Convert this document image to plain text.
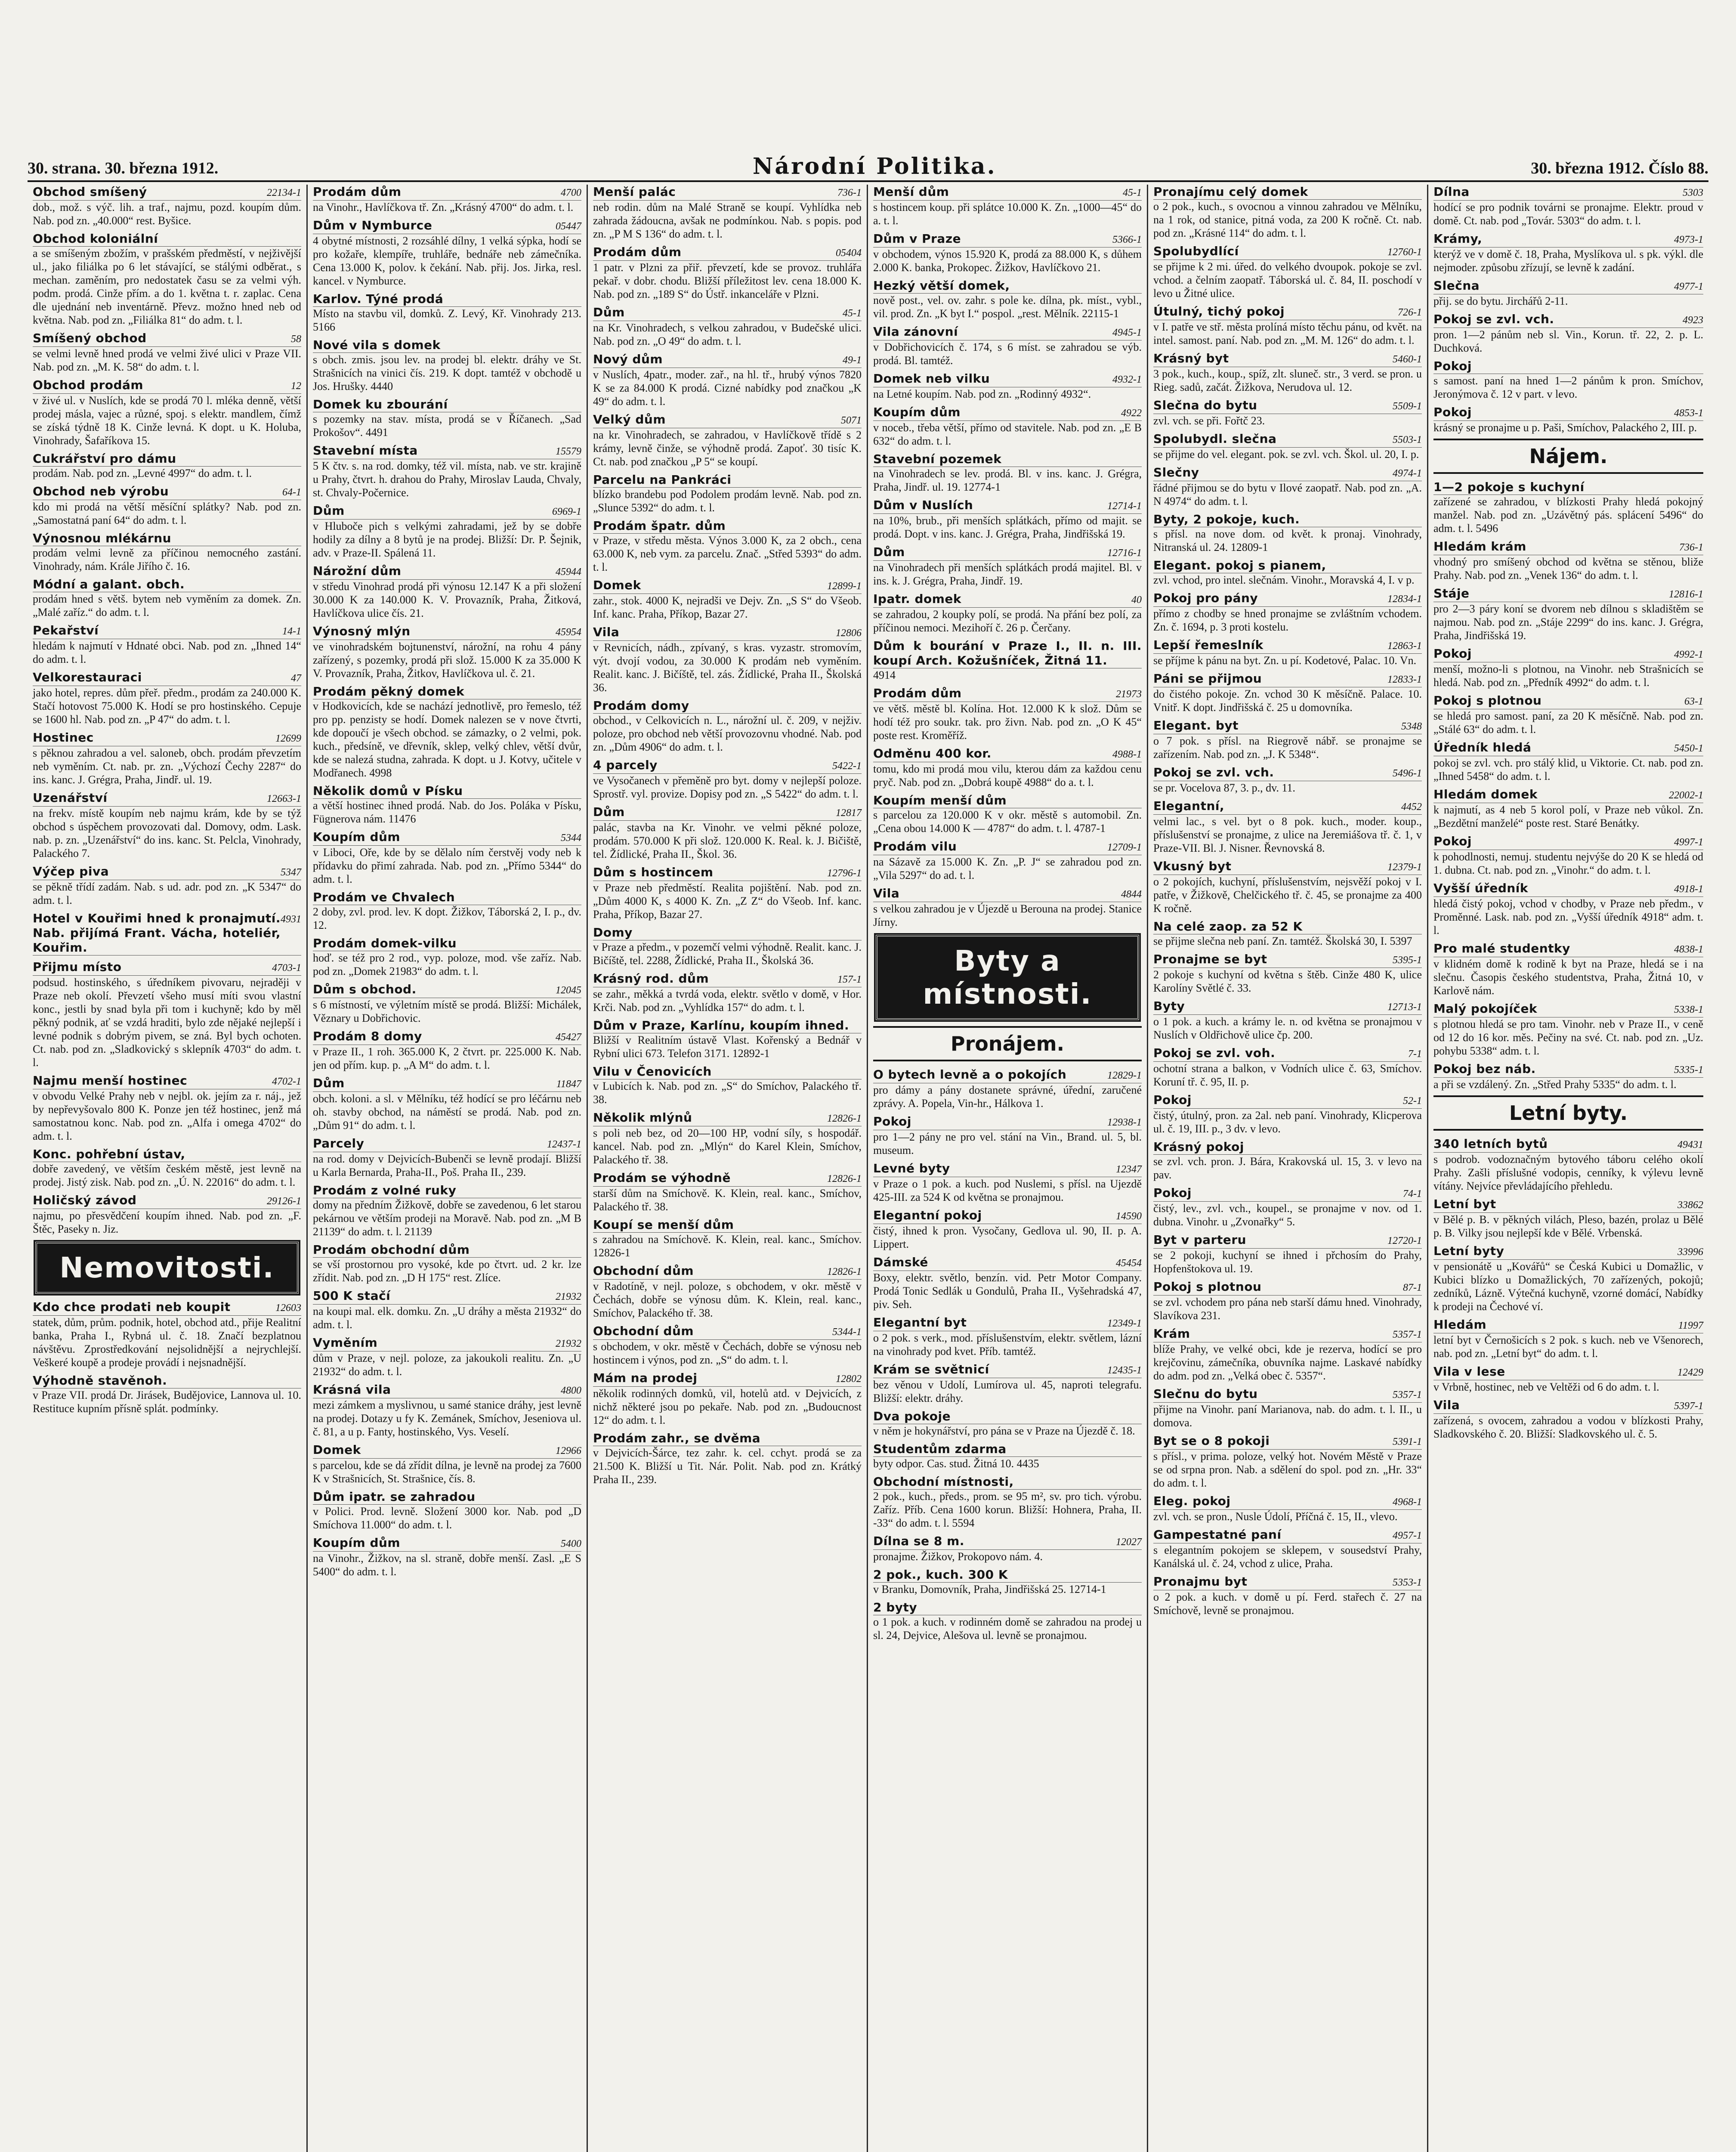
30. strana. 30. března 1912.	Národní Politika.	30. března 1912. Číslo 88.
Obchod smíšený	22134-1
dob., mož. s výč. lih. a traf., najmu, pozd. koupím dům. Nab. pod zn. „40.000“ rest. Byšice.
Obchod koloniální
a se smíšeným zbožím, v prašském předměstí, v nejživější ul., jako filiálka po 6 let stávající, se stálými odběrat., s mechan. zaměním, pro nedostatek času se za velmi výh. podm. prodá. Cinže přím. a do 1. května t. r. zaplac. Cena dle ujednání neb inventárně. Převz. možno hned neb od května. Nab. pod zn. „Filiálka 81“ do adm. t. l.
Smíšený obchod	58
se velmi levně hned prodá ve velmi živé ulici v Praze VII. Nab. pod zn. „M. K. 58“ do adm. t. l.
Obchod prodám	12
v živé ul. v Nuslích, kde se prodá 70 l. mléka denně, větší prodej másla, vajec a různé, spoj. s elektr. mandlem, čímž se získá týdně 18 K. Cinže levná. K dopt. u K. Holuba, Vinohrady, Šafaříkova 15.
Cukrářství pro dámu
prodám. Nab. pod zn. „Levné 4997“ do adm. t. l.
Obchod neb výrobu	64-1
kdo mi prodá na větší měsíční splátky? Nab. pod zn. „Samostatná paní 64“ do adm. t. l.
Výnosnou mlékárnu
prodám velmi levně za příčinou nemocného zastání. Vinohrady, nám. Krále Jiřího č. 16.
Módní a galant. obch.
prodám hned s větš. bytem neb vyměním za domek. Zn. „Malé zaříz.“ do adm. t. l.
Pekařství	14-1
hledám k najmutí v Hdnaté obci. Nab. pod zn. „Ihned 14“ do adm. t. l.
Velkorestauraci	47
jako hotel, repres. dům přeř. předm., prodám za 240.000 K. Stačí hotovost 75.000 K. Hodí se pro hostinského. Cepuje se 1600 hl. Nab. pod zn. „P 47“ do adm. t. l.
Hostinec	12699
s pěknou zahradou a vel. saloneb, obch. prodám převzetím neb vyměním. Ct. nab. pr. zn. „Výchozí Čechy 2287“ do ins. kanc. J. Grégra, Praha, Jindř. ul. 19.
Uzenářství	12663-1
na frekv. místě koupím neb najmu krám, kde by se týž obchod s úspěchem provozovati dal. Domovy, odm. Lask. nab. p. zn. „Uzenářství“ do ins. kanc. St. Pelcla, Vinohrady, Palackého 7.
Výčep piva	5347
se pěkně třídí zadám. Nab. s ud. adr. pod zn. „K 5347“ do adm. t. l.
Hotel v Kouřimi hned k pronajmutí. Nab. přijímá Frant. Vácha, hoteliér, Kouřim.
4931
Přijmu místo	4703-1
podsud. hostinského, s úředníkem pivovaru, nejraději v Praze neb okolí. Převzetí všeho musí míti svou vlastní konc., jestli by snad byla při tom i kuchyně; kdo by měl pěkný podnik, ať se vzdá hraditi, bylo zde nějaké nejlepší i levné podnik s dobrým pivem, se zná. Byl bych ochoten. Ct. nab. pod zn. „Sladkovický s sklepník 4703“ do adm. t. l.
Najmu menší hostinec	4702-1
v obvodu Velké Prahy neb v nejbl. ok. jejím za r. náj., jež by nepřevyšovalo 800 K. Ponze jen též hostinec, jenž má samostatnou konc. Nab. pod zn. „Alfa i omega 4702“ do adm. t. l.
Konc. pohřební ústav,
dobře zavedený, ve větším českém městě, jest levně na prodej. Jistý zisk. Nab. pod zn. „Ú. N. 22016“ do adm. t. l.
Holičský závod	29126-1
najmu, po přesvědčení koupím ihned. Nab. pod zn. „F. Štěc, Paseky n. Jiz.
Nemovitosti.
Kdo chce prodati neb koupit	12603
statek, dům, prům. podnik, hotel, obchod atd., přije Realitní banka, Praha I., Rybná ul. č. 18. Značí bezplatnou návštěvu. Zprostředkování nejsolidnější a nejrychlejší. Veškeré koupě a prodeje provádí i nejsnadnější.
Výhodně stavěnoh.
v Praze VII. prodá Dr. Jirásek, Budějovice, Lannova ul. 10. Restituce kupním přísně splát. podmínky.
Prodám dům	4700
na Vinohr., Havlíčkova tř. Zn. „Krásný 4700“ do adm. t. l.
Dům v Nymburce	05447
4 obytné místnosti, 2 rozsáhlé dílny, 1 velká sýpka, hodí se pro kožaře, klempíře, truhláře, bednáře neb zámečníka. Cena 13.000 K, polov. k čekání. Nab. přij. Jos. Jirka, resl. kancel. v Nymburce.
Karlov. Týné prodá
Místo na stavbu vil, domků. Z. Levý, Kř. Vinohrady 213. 5166
Nové vila s domek
s obch. zmis. jsou lev. na prodej bl. elektr. dráhy ve St. Strašnicích na vinici čís. 219. K dopt. tamtéž v obchodě u Jos. Hrušky. 4440
Domek ku zbourání
s pozemky na stav. místa, prodá se v Říčanech. „Sad Prokošov“. 4491
Stavební místa	15579
5 K čtv. s. na rod. domky, též vil. místa, nab. ve str. krajině u Prahy, čtvrt. h. drahou do Prahy, Miroslav Lauda, Chvaly, st. Chvaly-Počernice.
Dům	6969-1
v Hluboče pich s velkými zahradami, jež by se dobře hodily za dílny a 8 bytů je na prodej. Bližší: Dr. P. Šejnik, adv. v Praze-II. Spálená 11.
Nárožní dům	45944
v středu Vinohrad prodá při výnosu 12.147 K a při složení 30.000 K za 140.000 K. V. Provazník, Praha, Žitková, Havlíčkova ulice čís. 21.
Výnosný mlýn	45954
ve vinohradském bojtunenství, nárožní, na rohu 4 pány zařízený, s pozemky, prodá při slož. 15.000 K za 35.000 K V. Provazník, Praha, Žitkov, Havlíčkova ul. č. 21.
Prodám pěkný domek
v Hodkovicích, kde se nachází jednotlivě, pro řemeslo, též pro pp. penzisty se hodí. Domek nalezen se v nove čtvrti, kde dopoučí je všech obchod. se zámazky, o 2 velmi, pok. kuch., předsíně, ve dřevník, sklep, velký chlev, větší dvůr, kde se nalezá studna, zahrada. K dopt. u J. Kotvy, učitele v Modřanech. 4998
Několik domů v Písku
a větší hostinec ihned prodá. Nab. do Jos. Poláka v Písku, Fügnerova nám. 11476
Koupím dům	5344
v Liboci, Oře, kde by se dělalo ním čerstvěj vody neb k přídavku do přimí zahrada. Nab. pod zn. „Přímo 5344“ do adm. t. l.
Prodám ve Chvalech
2 doby, zvl. prod. lev. K dopt. Žižkov, Táborská 2, I. p., dv. 12.
Prodám domek-vilku
hoď. se též pro 2 rod., vyp. poloze, mod. vše zaříz. Nab. pod zn. „Domek 21983“ do adm. t. l.
Dům s obchod.	12045
s 6 místností, ve výletním místě se prodá. Bližší: Michálek, Věznary u Dobřichovic.
Prodám 8 domy	45427
v Praze II., 1 roh. 365.000 K, 2 čtvrt. pr. 225.000 K. Nab. jen od přím. kup. p. „A M“ do adm. t. l.
Dům	11847
obch. koloni. a sl. v Mělníku, též hodící se pro léčárnu neb oh. stavby obchod, na náměstí se prodá. Nab. pod zn. „Dům 91“ do adm. t. l.
Parcely	12437-1
na rod. domy v Dejvicích-Bubenči se levně prodají. Bližší u Karla Bernarda, Praha-II., Poš. Praha II., 239.
Prodám z volné ruky
domy na předním Žižkově, dobře se zavedenou, 6 let starou pekárnou ve větším prodeji na Moravě. Nab. pod zn. „M B 21139“ do adm. t. l. 21139
Prodám obchodní dům
se vší prostornou pro vysoké, kde po čtvrt. ud. 2 kr. lze zřídit. Nab. pod zn. „D H 175“ rest. Zlíce.
500 K stačí	21932
na koupi mal. elk. domku. Zn. „U dráhy a města 21932“ do adm. t. l.
Vyměním	21932
dům v Praze, v nejl. poloze, za jakoukoli realitu. Zn. „U 21932“ do adm. t. l.
Krásná vila	4800
mezi zámkem a myslivnou, u samé stanice dráhy, jest levně na prodej. Dotazy u fy K. Zemánek, Smíchov, Jeseniova ul. č. 81, a u p. Fanty, hostinského, Vys. Veselí.
Domek	12966
s parcelou, kde se dá zřídit dílna, je levně na prodej za 7600 K v Strašnicích, St. Strašnice, čís. 8.
Dům ipatr. se zahradou
v Polici. Prod. levně. Složení 3000 kor. Nab. pod „D Smíchova 11.000“ do adm. t. l.
Koupím dům	5400
na Vinohr., Žižkov, na sl. straně, dobře menší. Zasl. „E S 5400“ do adm. t. l.
Menší palác	736-1
neb rodin. dům na Malé Straně se koupí. Vyhlídka neb zahrada žádoucna, avšak ne podmínkou. Nab. s popis. pod zn. „P M S 136“ do adm. t. l.
Prodám dům	05404
1 patr. v Plzni za přiř. převzetí, kde se provoz. truhlářa pekař. v dobr. chodu. Bližší příležitost lev. cena 18.000 K. Nab. pod zn. „189 S“ do Ústř. inkanceláře v Plzni.
Dům	45-1
na Kr. Vinohradech, s velkou zahradou, v Budečské ulici. Nab. pod zn. „O 49“ do adm. t. l.
Nový dům	49-1
v Nuslích, 4patr., moder. zař., na hl. tř., hrubý výnos 7820 K se za 84.000 K prodá. Cizné nabídky pod značkou „K 49“ do adm. t. l.
Velký dům	5071
na kr. Vinohradech, se zahradou, v Havlíčkově třídě s 2 krámy, levně činže, se výhodně prodá. Zapoť. 30 tisíc K. Ct. nab. pod značkou „P 5“ se koupí.
Parcelu na Pankráci
blízko brandebu pod Podolem prodám levně. Nab. pod zn. „Slunce 5392“ do adm. t. l.
Prodám špatr. dům
v Praze, v středu města. Výnos 3.000 K, za 2 obch., cena 63.000 K, neb vym. za parcelu. Znač. „Střed 5393“ do adm. t. l.
Domek	12899-1
zahr., stok. 4000 K, nejradši ve Dejv. Zn. „S S“ do Všeob. Inf. kanc. Praha, Příkop, Bazar 27.
Vila	12806
v Revnicích, nádh., zpívaný, s kras. vyzastr. stromovím, výt. dvojí vodou, za 30.000 K prodám neb vyměním. Realit. kanc. J. Bičíště, tel. zás. Žídlické, Praha II., Školská 36.
Prodám domy
obchod., v Celkovicích n. L., nárožní ul. č. 209, v nejživ. poloze, pro obchod neb větší provozovnu vhodné. Nab. pod zn. „Dům 4906“ do adm. t. l.
4 parcely	5422-1
ve Vysočanech v přeměně pro byt. domy v nejlepší poloze. Sprostř. vyl. provize. Dopisy pod zn. „S 5422“ do adm. t. l.
Dům	12817
palác, stavba na Kr. Vinohr. ve velmi pěkné poloze, prodám. 570.000 K při slož. 120.000 K. Real. k. J. Bičiště, tel. Žídlické, Praha II., Škol. 36.
Dům s hostincem	12796-1
v Praze neb předměstí. Realita pojištění. Nab. pod zn. „Dům 4000 K, s 4000 K. Zn. „Z Z“ do Všeob. Inf. kanc. Praha, Příkop, Bazar 27.
Domy
v Praze a předm., v pozemčí velmi výhodně. Realit. kanc. J. Bičíště, tel. 2288, Žídlické, Praha II., Školská 36.
Krásný rod. dům	157-1
se zahr., měkká a tvrdá voda, elektr. světlo v domě, v Hor. Krči. Nab. pod zn. „Vyhlídka 157“ do adm. t. l.
Dům v Praze, Karlínu, koupím ihned.
Bližší v Realitním ústavě Vlast. Kořenský a Bednář v Rybní ulici 673. Telefon 3171. 12892-1
Vilu v Čenovicích
v Lubicích k. Nab. pod zn. „S“ do Smíchov, Palackého tř. 38.
Několik mlýnů	12826-1
s poli neb bez, od 20—100 HP, vodní síly, s hospodář. kancel. Nab. pod zn. „Mlýn“ do Karel Klein, Smíchov, Palackého tř. 38.
Prodám se výhodně	12826-1
starší dům na Smíchově. K. Klein, real. kanc., Smíchov, Palackého tř. 38.
Koupí se menší dům
s zahradou na Smíchově. K. Klein, real. kanc., Smíchov. 12826-1
Obchodní dům	12826-1
v Radotíně, v nejl. poloze, s obchodem, v okr. městě v Čechách, dobře se výnosu dům. K. Klein, real. kanc., Smíchov, Palackého tř. 38.
Obchodní dům	5344-1
s obchodem, v okr. městě v Čechách, dobře se výnosu neb hostincem i výnos, pod zn. „S“ do adm. t. l.
Mám na prodej	12802
několik rodinných domků, vil, hotelů atd. v Dejvicích, z nichž některé jsou po pekaře. Nab. pod zn. „Budoucnost 12“ do adm. t. l.
Prodám zahr., se dvěma
v Dejvicích-Šárce, tez zahr. k. cel. cchyt. prodá se za 21.500 K. Bližší u Tit. Nár. Polit. Nab. pod zn. Krátký Praha II., 239.
Menší dům	45-1
s hostincem koup. při splátce 10.000 K. Zn. „1000—45“ do a. t. l.
Dům v Praze	5366-1
v obchodem, výnos 15.920 K, prodá za 88.000 K, s důhem 2.000 K. banka, Prokopec. Žižkov, Havlíčkovo 21.
Hezký větší domek,
nově post., vel. ov. zahr. s pole ke. dílna, pk. míst., vybl., vil. prod. Zn. „K byt I.“ pospol. „rest. Mělník. 22115-1
Vila zánovní	4945-1
v Dobřichovicích č. 174, s 6 míst. se zahradou se výb. prodá. Bl. tamtéž.
Domek neb vilku	4932-1
na Letné koupím. Nab. pod zn. „Rodinný 4932“.
Koupím dům	4922
v noceb., třeba větší, přímo od stavitele. Nab. pod zn. „E B 632“ do adm. t. l.
Stavební pozemek
na Vinohradech se lev. prodá. Bl. v ins. kanc. J. Grégra, Praha, Jindř. ul. 19. 12774-1
Dům v Nuslích	12714-1
na 10%, brub., při menších splátkách, přímo od majit. se prodá. Dopt. v ins. kanc. J. Grégra, Praha, Jindřišská 19.
Dům	12716-1
na Vinohradech při menších splátkách prodá majitel. Bl. v ins. k. J. Grégra, Praha, Jindř. 19.
Ipatr. domek	40
se zahradou, 2 koupky polí, se prodá. Na přání bez polí, za příčinou nemoci. Mezihoří č. 26 p. Čerčany.
Dům k bourání v Praze I., II. n. III. koupí Arch. Kožušníček, Žitná 11.
4914
Prodám dům	21973
ve větš. městě bl. Kolína. Hot. 12.000 K k slož. Dům se hodí též pro soukr. tak. pro živn. Nab. pod zn. „O K 45“ poste rest. Kroměříž.
Odměnu 400 kor.	4988-1
tomu, kdo mi prodá mou vilu, kterou dám za každou cenu pryč. Nab. pod zn. „Dobrá koupě 4988“ do a. t. l.
Koupím menší dům
s parcelou za 120.000 K v okr. městě s automobil. Zn. „Cena obou 14.000 K — 4787“ do adm. t. l. 4787-1
Prodám vilu	12709-1
na Sázavě za 15.000 K. Zn. „P. J“ se zahradou pod zn. „Vila 5297“ do ad. t. l.
Vila	4844
s velkou zahradou je v Újezdě u Berouna na prodej. Stanice Jírny.
Byty a místnosti.
Pronájem.
O bytech levně a o pokojích	12829-1
pro dámy a pány dostanete správné, úřední, zaručené zprávy. A. Popela, Vin-hr., Hálkova 1.
Pokoj	12938-1
pro 1—2 pány ne pro vel. stání na Vin., Brand. ul. 5, bl. museum.
Levné byty	12347
v Praze o 1 pok. a kuch. pod Nuslemi, s přísl. na Ujezdě 425-III. za 524 K od května se pronajmou.
Elegantní pokoj	14590
čistý, ihned k pron. Vysočany, Gedlova ul. 90, II. p. A. Lippert.
Dámské	45454
Boxy, elektr. světlo, benzín. vid. Petr Motor Company. Prodá Tonic Sedlák u Gondulů, Praha II., Vyšehradská 47, piv. Seh.
Elegantní byt	12349-1
o 2 pok. s verk., mod. příslušenstvím, elektr. světlem, lázní na vinohrady pod kvet. Příb. tamtéž.
Krám se světnicí	12435-1
bez věnou v Udolí, Lumírova ul. 45, naproti telegrafu. Bližší: elektr. dráhy.
Dva pokoje
v něm je hokynářství, pro pána se v Praze na Újezdě č. 18.
Studentům zdarma
byty odpor. Cas. stud. Žitná 10. 4435
Obchodní místnosti,
2 pok., kuch., předs., prom. se 95 m², sv. pro tich. výrobu. Zaříz. Příb. Cena 1600 korun. Bližší: Hohnera, Praha, II. -33“ do adm. t. l. 5594
Dílna se 8 m.	12027
pronajme. Žižkov, Prokopovo nám. 4.
2 pok., kuch. 300 K
v Branku, Domovník, Praha, Jindřišská 25. 12714-1
2 byty
o 1 pok. a kuch. v rodinném domě se zahradou na prodej u sl. 24, Dejvice, Alešova ul. levně se pronajmou.
Pronajímu celý domek
o 2 pok., kuch., s ovocnou a vinnou zahradou ve Mělníku, na 1 rok, od stanice, pitná voda, za 200 K ročně. Ct. nab. pod zn. „Krásné 114“ do adm. t. l.
Spolubydlící	12760-1
se přijme k 2 mi. úřed. do velkého dvoupok. pokoje se zvl. vchod. a čelním zaopatř. Táborská ul. č. 84, II. poschodí v levo u Žitné ulice.
Útulný, tichý pokoj	726-1
v I. patře ve stř. města prolíná místo těchu pánu, od květ. na intel. samost. paní. Nab. pod zn. „M. M. 126“ do adm. t. l.
Krásný byt	5460-1
3 pok., kuch., koup., spíž, zlt. sluneč. str., 3 verd. se pron. u Rieg. sadů, začát. Žižkova, Nerudova ul. 12.
Slečna do bytu	5509-1
zvl. vch. se při. Fořtč 23.
Spolubydl. slečna	5503-1
se přijme do vel. elegant. pok. se zvl. vch. Škol. ul. 20, I. p.
Slečny	4974-1
řádné přijmou se do bytu v Ilové zaopatř. Nab. pod zn. „A. N 4974“ do adm. t. l.
Byty, 2 pokoje, kuch.
s přísl. na nove dom. od květ. k pronaj. Vinohrady, Nitranská ul. 24. 12809-1
Elegant. pokoj s pianem,
zvl. vchod, pro intel. slečnám. Vinohr., Moravská 4, I. v p.
Pokoj pro pány	12834-1
přímo z chodby se hned pronajme se zvláštním vchodem. Zn. č. 1694, p. 3 proti kostelu.
Lepší řemeslník	12863-1
se příjme k pánu na byt. Zn. u pí. Kodetové, Palac. 10. Vn.
Páni se přijmou	12833-1
do čistého pokoje. Zn. vchod 30 K měsíčně. Palace. 10. Vnitř. K dopt. Jindřišská č. 25 u domovníka.
Elegant. byt	5348
o 7 pok. s přísl. na Riegrově nábř. se pronajme se zařízením. Nab. pod zn. „J. K 5348“.
Pokoj se zvl. vch.	5496-1
se pr. Vocelova 87, 3. p., dv. 11.
Elegantní,	4452
velmi lac., s vel. byt o 8 pok. kuch., moder. koup., příslušenství se pronajme, z ulice na Jeremiášova tř. č. 1, v Praze-VII. Bl. J. Nisner. Řevnovská 8.
Vkusný byt	12379-1
o 2 pokojích, kuchyní, příslušenstvím, nejsvěží pokoj v I. patře, v Žižkově, Chelčického tř. č. 45, se pronajme za 400 K ročně.
Na celé zaop. za 52 K
se přijme slečna neb paní. Zn. tamtéž. Školská 30, I. 5397
Pronajme se byt	5395-1
2 pokoje s kuchyní od května s štěb. Cinže 480 K, ulice Karolíny Světlé č. 33.
Byty	12713-1
o 1 pok. a kuch. a krámy le. n. od května se pronajmou v Nuslích v Oldřichově ulice čp. 200.
Pokoj se zvl. voh.	7-1
ochotní strana a balkon, v Vodních ulice č. 63, Smíchov. Koruní tř. č. 95, II. p.
Pokoj	52-1
čistý, útulný, pron. za 2al. neb paní. Vinohrady, Klicperova ul. č. 19, III. p., 3 dv. v levo.
Krásný pokoj
se zvl. vch. pron. J. Bára, Krakovská ul. 15, 3. v levo na pav.
Pokoj	74-1
čistý, lev., zvl. vch., koupel., se pronajme v nov. od 1. dubna. Vinohr. u „Zvonařky“ 5.
Byt v parteru	12720-1
se 2 pokoji, kuchyní se ihned i přchosím do Prahy, Hopfenštokova ul. 19.
Pokoj s plotnou	87-1
se zvl. vchodem pro pána neb starší dámu hned. Vinohrady, Slavíkova 231.
Krám	5357-1
blíže Prahy, ve velké obci, kde je rezerva, hodící se pro krejčovinu, zámečníka, obuvníka najme. Laskavé nabídky do adm. pod zn. „Velká obec č. 5357“.
Slečnu do bytu	5357-1
přijme na Vinohr. paní Marianova, nab. do adm. t. l. II., u domova.
Byt se o 8 pokoji	5391-1
s přísl., v prima. poloze, velký hot. Novém Městě v Praze se od srpna pron. Nab. a sdělení do spol. pod zn. „Hr. 33“ do adm. t. l.
Eleg. pokoj	4968-1
zvl. vch. se pron., Nusle Údolí, Příčná č. 15, II., vlevo.
Gampestatné paní	4957-1
s elegantním pokojem se sklepem, v sousedství Prahy, Kanálská ul. č. 24, vchod z ulice, Praha.
Pronajmu byt	5353-1
o 2 pok. a kuch. v domě u pí. Ferd. stařech č. 27 na Smíchově, levně se pronajmou.
Dílna	5303
hodící se pro podnik továrni se pronajme. Elektr. proud v domě. Ct. nab. pod „Továr. 5303“ do adm. t. l.
Krámy,	4973-1
kterýž ve v domě č. 18, Praha, Myslíkova ul. s pk. výkl. dle nejmoder. způsobu zřízují, se levně k zadání.
Slečna	4977-1
přij. se do bytu. Jirchářů 2-11.
Pokoj se zvl. vch.	4923
pron. 1—2 pánům neb sl. Vin., Korun. tř. 22, 2. p. L. Duchková.
Pokoj
s samost. paní na hned 1—2 pánům k pron. Smíchov, Jeronýmova č. 12 v part. v levo.
Pokoj	4853-1
krásný se pronajme u p. Paši, Smíchov, Palackého 2, III. p.
Nájem.
1—2 pokoje s kuchyní
zařízené se zahradou, v blízkosti Prahy hledá pokojný manžel. Nab. pod zn. „Uzávětný pás. splácení 5496“ do adm. t. l. 5496
Hledám krám	736-1
vhodný pro smíšený obchod od května se stěnou, bliže Prahy. Nab. pod zn. „Venek 136“ do adm. t. l.
Stáje	12816-1
pro 2—3 páry koní se dvorem neb dílnou s skladištěm se najmou. Nab. pod zn. „Stáje 2299“ do ins. kanc. J. Grégra, Praha, Jindřišská 19.
Pokoj	4992-1
menší, možno-li s plotnou, na Vinohr. neb Strašnicích se hledá. Nab. pod zn. „Předník 4992“ do adm. t. l.
Pokoj s plotnou	63-1
se hledá pro samost. paní, za 20 K měsíčně. Nab. pod zn. „Stálé 63“ do adm. t. l.
Úředník hledá	5450-1
pokoj se zvl. vch. pro stálý klid, u Viktorie. Ct. nab. pod zn. „Ihned 5458“ do adm. t. l.
Hledám domek	22002-1
k najmutí, as 4 neb 5 korol polí, v Praze neb vůkol. Zn. „Bezdětní manželé“ poste rest. Staré Benátky.
Pokoj	4997-1
k pohodlnosti, nemuj. studentu nejvýše do 20 K se hledá od 1. dubna. Ct. nab. pod zn. „Vinohr.“ do adm. t. l.
Vyšší úředník	4918-1
hledá čistý pokoj, vchod v chodby, v Praze neb předm., v Proměnné. Lask. nab. pod zn. „Vyšší úředník 4918“ adm. t. l.
Pro malé studentky	4838-1
v klidném domě k rodině k byt na Praze, hledá se i na slečnu. Časopis českého studentstva, Praha, Žitná 10, v Karlově nám.
Malý pokojíček	5338-1
s plotnou hledá se pro tam. Vinohr. neb v Praze II., v ceně od 12 do 16 kor. měs. Pečiny na své. Ct. nab. pod zn. „Uz. pohybu 5338“ adm. t. l.
Pokoj bez náb.	5335-1
a při se vzdálený. Zn. „Střed Prahy 5335“ do adm. t. l.
Letní byty.
340 letních bytů	49431
s podrob. vodoznačným bytového táboru celého okolí Prahy. Zašli příslušné vodopis, cenníky, k výlevu levně vítány. Nejvíce převládajícího přehledu.
Letní byt	33862
v Bělé p. B. v pěkných vilách, Pleso, bazén, prolaz u Bělé p. B. Vilky jsou nejlepší kde v Bělé. Vrbenská.
Letní byty	33996
v pensionátě u „Kovářů“ se Česká Kubici u Domažlic, v Kubici blízko u Domažlických, 70 zařízených, pokojů; zedníků, Lázně. Výtečná kuchyně, vzorné domácí, Nabídky k prodeji na Čechové ví.
Hledám	11997
letní byt v Černošicích s 2 pok. s kuch. neb ve Všenorech, nab. pod zn. „Letní byt“ do adm. t. l.
Vila v lese	12429
v Vrbně, hostinec, neb ve Veltěži od 6 do adm. t. l.
Vila	5397-1
zařízená, s ovocem, zahradou a vodou v blízkosti Prahy, Sladkovského č. 20. Bližší: Sladkovského ul. č. 5.
